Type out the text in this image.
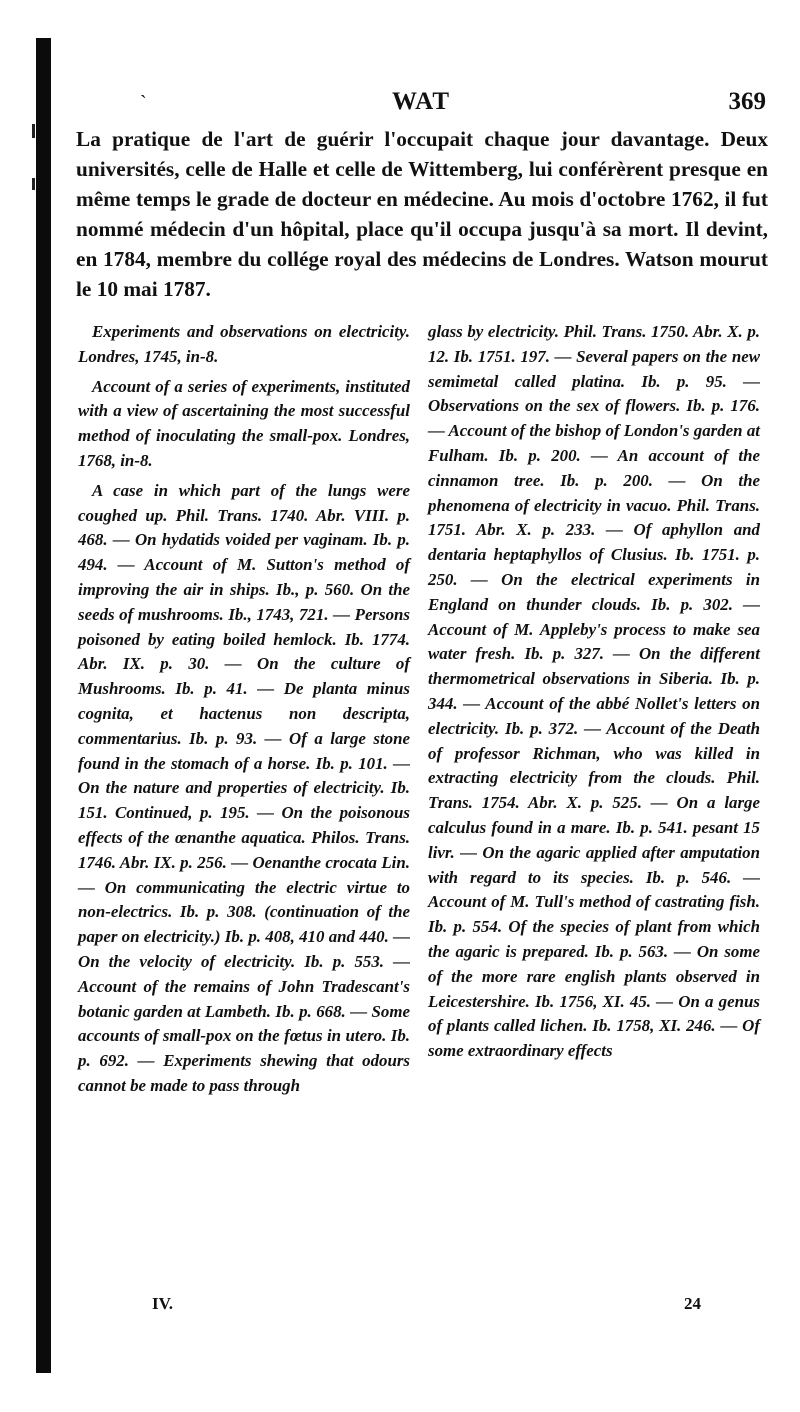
`	WAT	369
La pratique de l'art de guérir l'occupait chaque jour davantage. Deux universités, celle de Halle et celle de Wittemberg, lui conférèrent presque en même temps le grade de docteur en médecine. Au mois d'octobre 1762, il fut nommé médecin d'un hôpital, place qu'il occupa jusqu'à sa mort. Il devint, en 1784, membre du collége royal des médecins de Londres. Watson mourut le 10 mai 1787.

Experiments and observations on electricity. Londres, 1745, in-8.

Account of a series of experiments, instituted with a view of ascertaining the most successful method of inoculating the small-pox. Londres, 1768, in-8.

A case in which part of the lungs were coughed up. Phil. Trans. 1740. Abr. VIII. p. 468. — On hydatids voided per vaginam. Ib. p. 494. — Account of M. Sutton's method of improving the air in ships. Ib., p. 560. On the seeds of mushrooms. Ib., 1743, 721. — Persons poisoned by eating boiled hemlock. Ib. 1774. Abr. IX. p. 30. — On the culture of Mushrooms. Ib. p. 41. — De planta minus cognita, et hactenus non descripta, commentarius. Ib. p. 93. — Of a large stone found in the stomach of a horse. Ib. p. 101. — On the nature and properties of electricity. Ib. 151. Continued, p. 195. — On the poisonous effects of the œnanthe aquatica. Philos. Trans. 1746. Abr. IX. p. 256. — Oenanthe crocata Lin. — On communicating the electric virtue to non-electrics. Ib. p. 308. (continuation of the paper on electricity.) Ib. p. 408, 410 and 440. — On the velocity of electricity. Ib. p. 553. — Account of the remains of John Tradescant's botanic garden at Lambeth. Ib. p. 668. — Some accounts of small-pox on the fœtus in utero. Ib. p. 692. — Experiments shewing that odours cannot be made to pass through

glass by electricity. Phil. Trans. 1750. Abr. X. p. 12. Ib. 1751. 197. — Several papers on the new semimetal called platina. Ib. p. 95. — Observations on the sex of flowers. Ib. p. 176. — Account of the bishop of London's garden at Fulham. Ib. p. 200. — An account of the cinnamon tree. Ib. p. 200. — On the phenomena of electricity in vacuo. Phil. Trans. 1751. Abr. X. p. 233. — Of aphyllon and dentaria heptaphyllos of Clusius. Ib. 1751. p. 250. — On the electrical experiments in England on thunder clouds. Ib. p. 302. — Account of M. Appleby's process to make sea water fresh. Ib. p. 327. — On the different thermometrical observations in Siberia. Ib. p. 344. — Account of the abbé Nollet's letters on electricity. Ib. p. 372. — Account of the Death of professor Richman, who was killed in extracting electricity from the clouds. Phil. Trans. 1754. Abr. X. p. 525. — On a large calculus found in a mare. Ib. p. 541. pesant 15 livr. — On the agaric applied after amputation with regard to its species. Ib. p. 546. — Account of M. Tull's method of castrating fish. Ib. p. 554. Of the species of plant from which the agaric is prepared. Ib. p. 563. — On some of the more rare english plants observed in Leicestershire. Ib. 1756, XI. 45. — On a genus of plants called lichen. Ib. 1758, XI. 246. — Of some extraordinary effects

IV.	24
